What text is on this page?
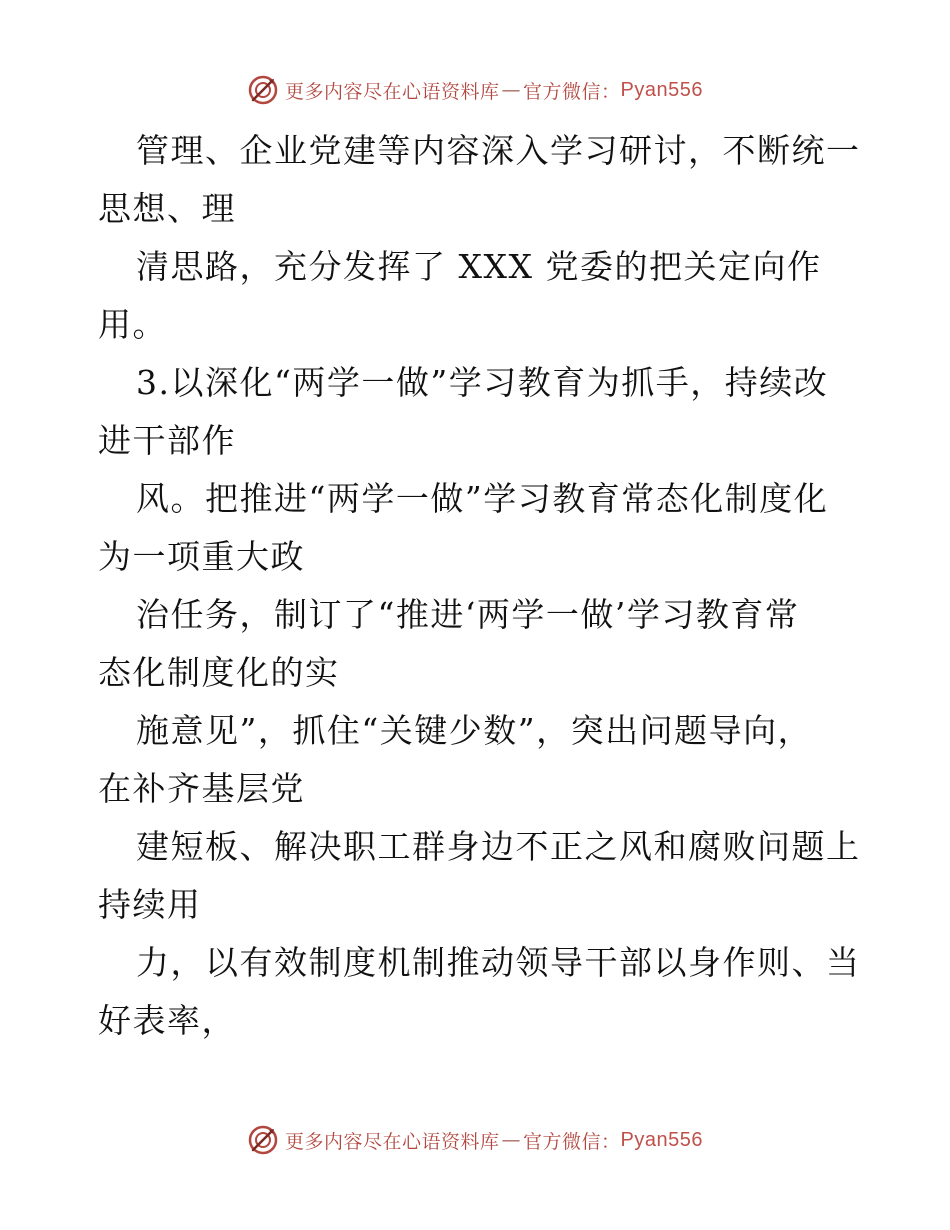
更多内容尽在心语资料库 — 官方微信： Pyan556
管理、企业党建等内容深入学习研讨，不断统一
思想、理
清思路，充分发挥了 XXX 党委的把关定向作
用。
3.以深化“两学一做”学习教育为抓手，持续改
进干部作
风。把推进“两学一做”学习教育常态化制度化
为一项重大政
治任务，制订了“推进‘两学一做’学习教育常
态化制度化的实
施意见”，抓住“关键少数”，突出问题导向，
在补齐基层党
建短板、解决职工群身边不正之风和腐败问题上
持续用
力，以有效制度机制推动领导干部以身作则、当
好表率，
更多内容尽在心语资料库 — 官方微信： Pyan556
